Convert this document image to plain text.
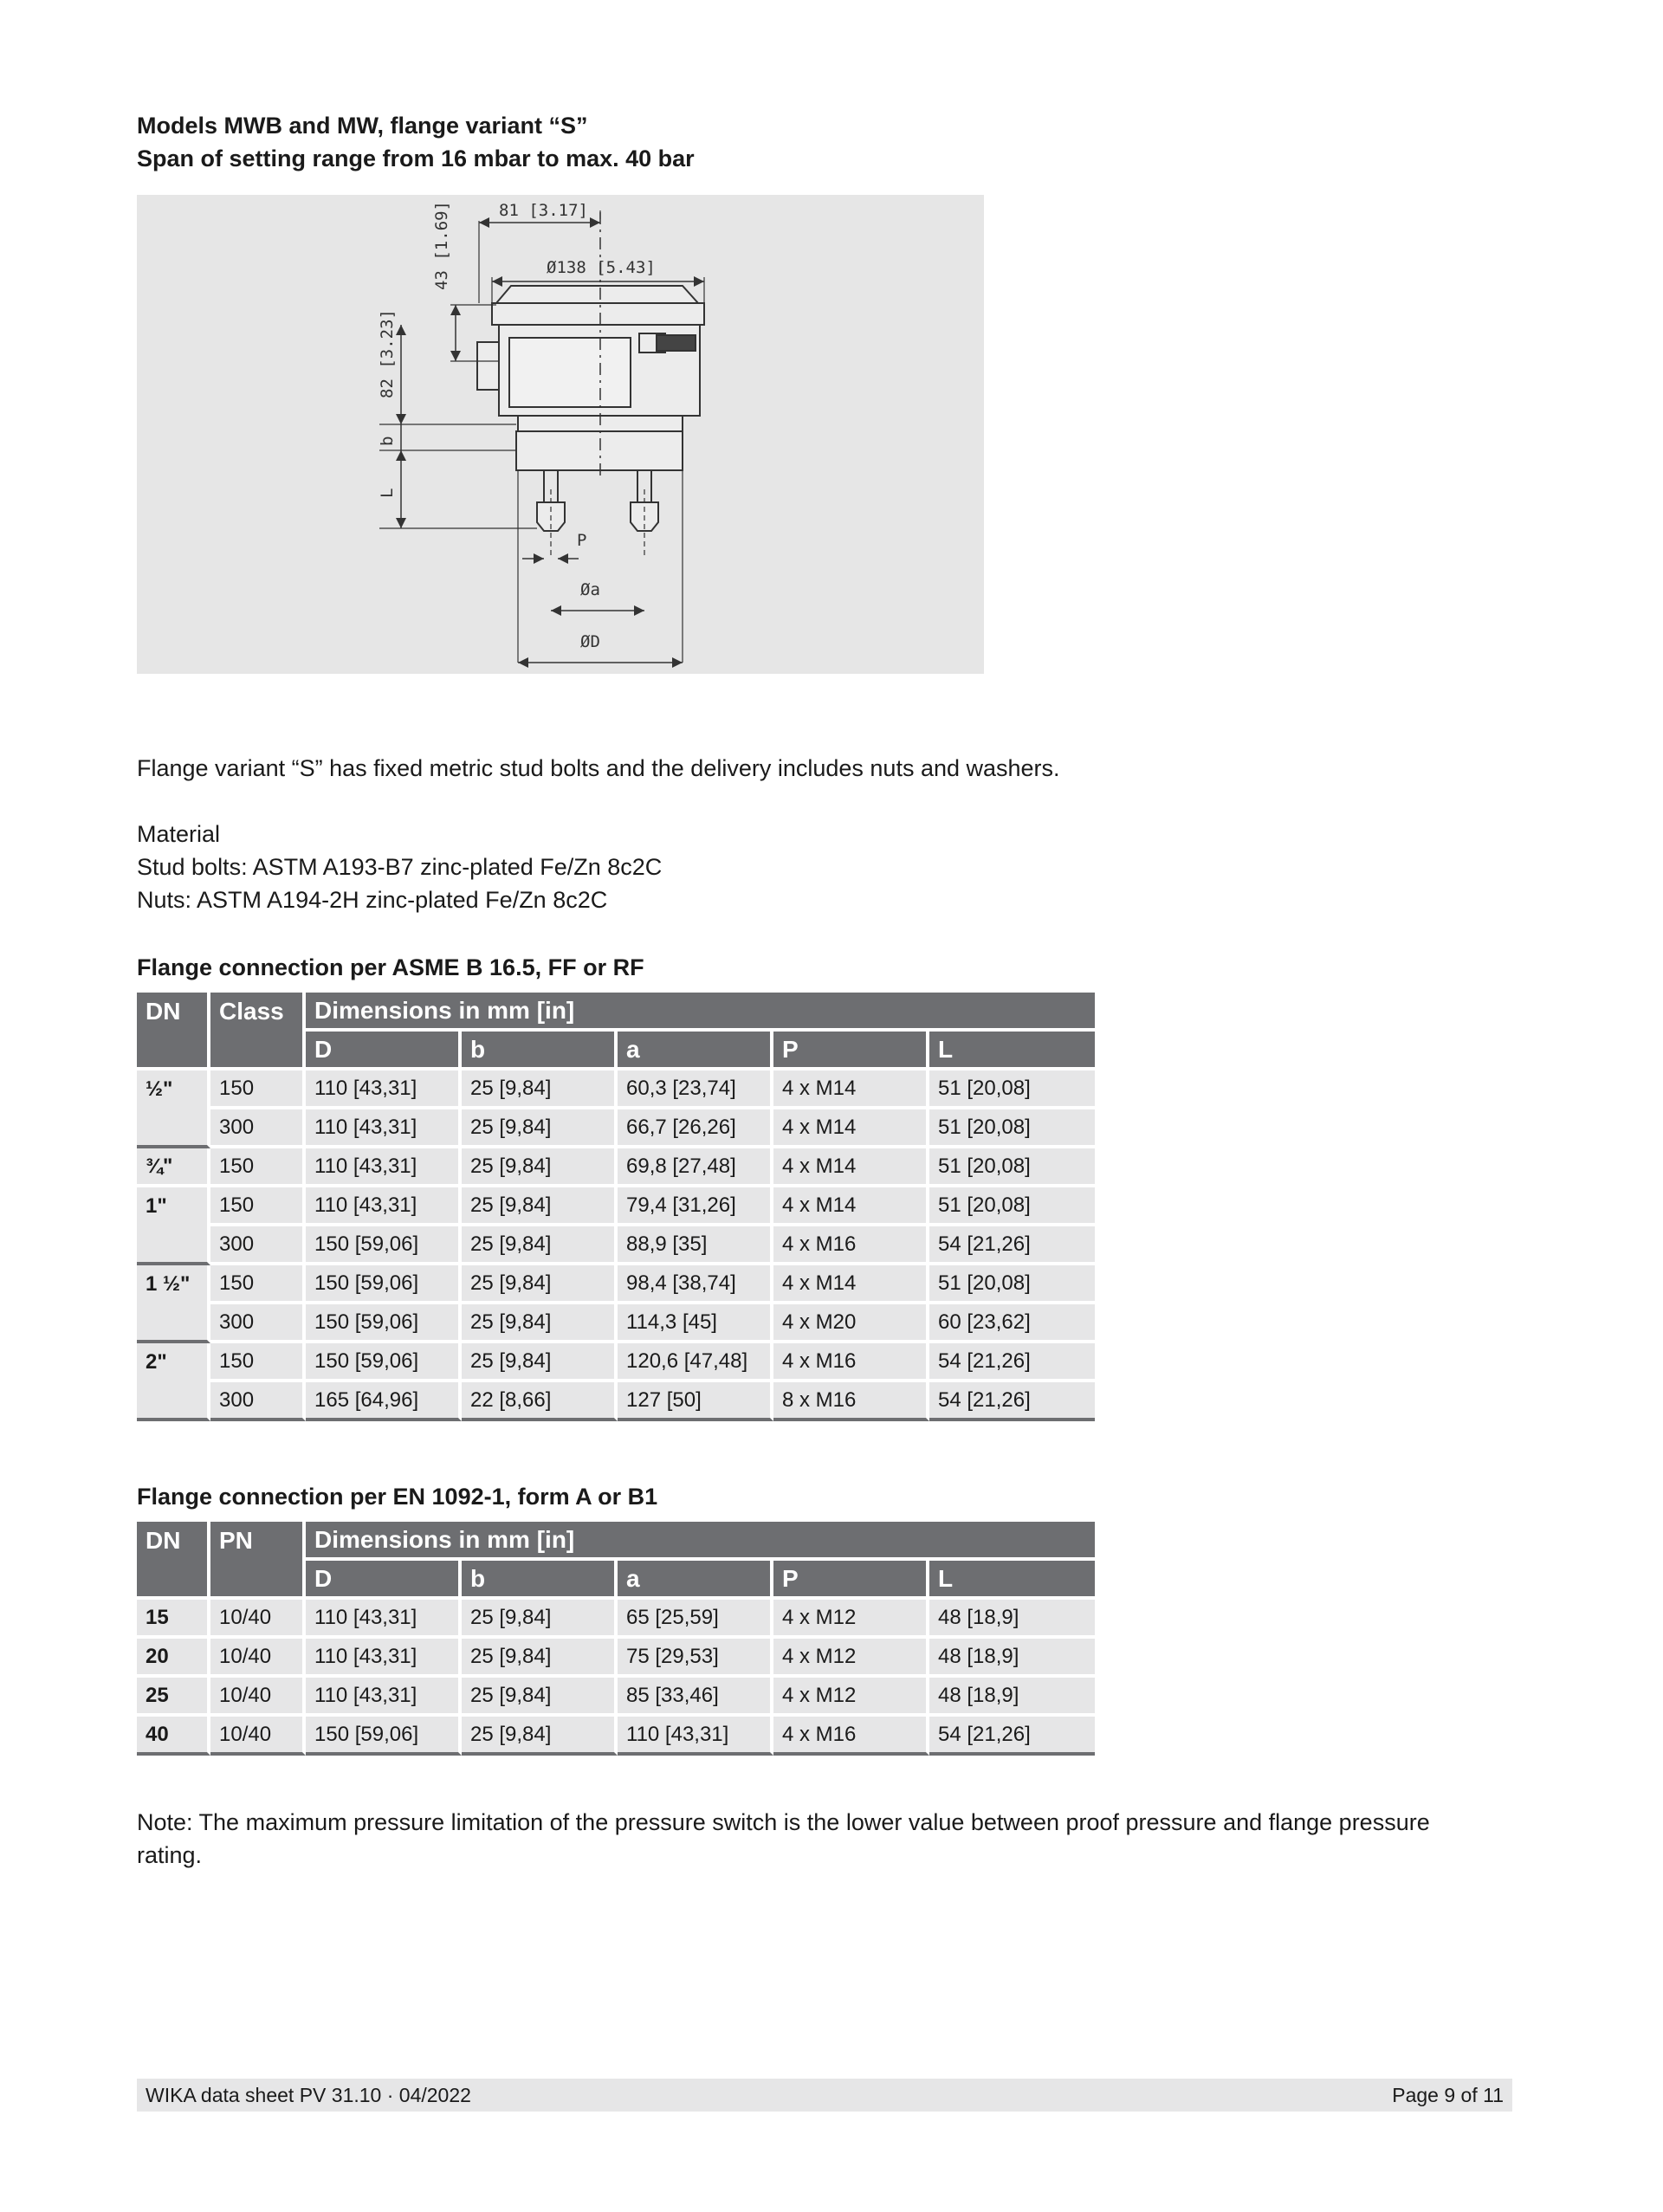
Models MWB and MW, flange variant “S”
Span of setting range from 16 mbar to max. 40 bar
81 [3.17]
Ø138 [5.43]
43 [1.69]
82 [3.23]
b
L
P
Øa
ØD
Flange variant “S” has fixed metric stud bolts and the delivery includes nuts and washers.
Material
Stud bolts: ASTM A193-B7 zinc-plated Fe/Zn 8c2C
Nuts: ASTM A194-2H zinc-plated Fe/Zn 8c2C
Flange connection per ASME B 16.5, FF or RF
DN	Class	Dimensions in mm [in]				
		D	b	a	P	L
½"	150	110 [43,31]	25 [9,84]	60,3 [23,74]	4 x M14	51 [20,08]
	300	110 [43,31]	25 [9,84]	66,7 [26,26]	4 x M14	51 [20,08]
¾"	150	110 [43,31]	25 [9,84]	69,8 [27,48]	4 x M14	51 [20,08]
1"	150	110 [43,31]	25 [9,84]	79,4 [31,26]	4 x M14	51 [20,08]
	300	150 [59,06]	25 [9,84]	88,9 [35]	4 x M16	54 [21,26]
1 ½"	150	150 [59,06]	25 [9,84]	98,4 [38,74]	4 x M14	51 [20,08]
	300	150 [59,06]	25 [9,84]	114,3 [45]	4 x M20	60 [23,62]
2"	150	150 [59,06]	25 [9,84]	120,6 [47,48]	4 x M16	54 [21,26]
	300	165 [64,96]	22 [8,66]	127 [50]	8 x M16	54 [21,26]
Flange connection per EN 1092-1, form A or B1
DN	PN	Dimensions in mm [in]				
		D	b	a	P	L
15	10/40	110 [43,31]	25 [9,84]	65 [25,59]	4 x M12	48 [18,9]
20	10/40	110 [43,31]	25 [9,84]	75 [29,53]	4 x M12	48 [18,9]
25	10/40	110 [43,31]	25 [9,84]	85 [33,46]	4 x M12	48 [18,9]
40	10/40	150 [59,06]	25 [9,84]	110 [43,31]	4 x M16	54 [21,26]
Note: The maximum pressure limitation of the pressure switch is the lower value between proof pressure and flange pressure
rating.
WIKA data sheet PV 31.10 · 04/2022	Page 9 of 11
